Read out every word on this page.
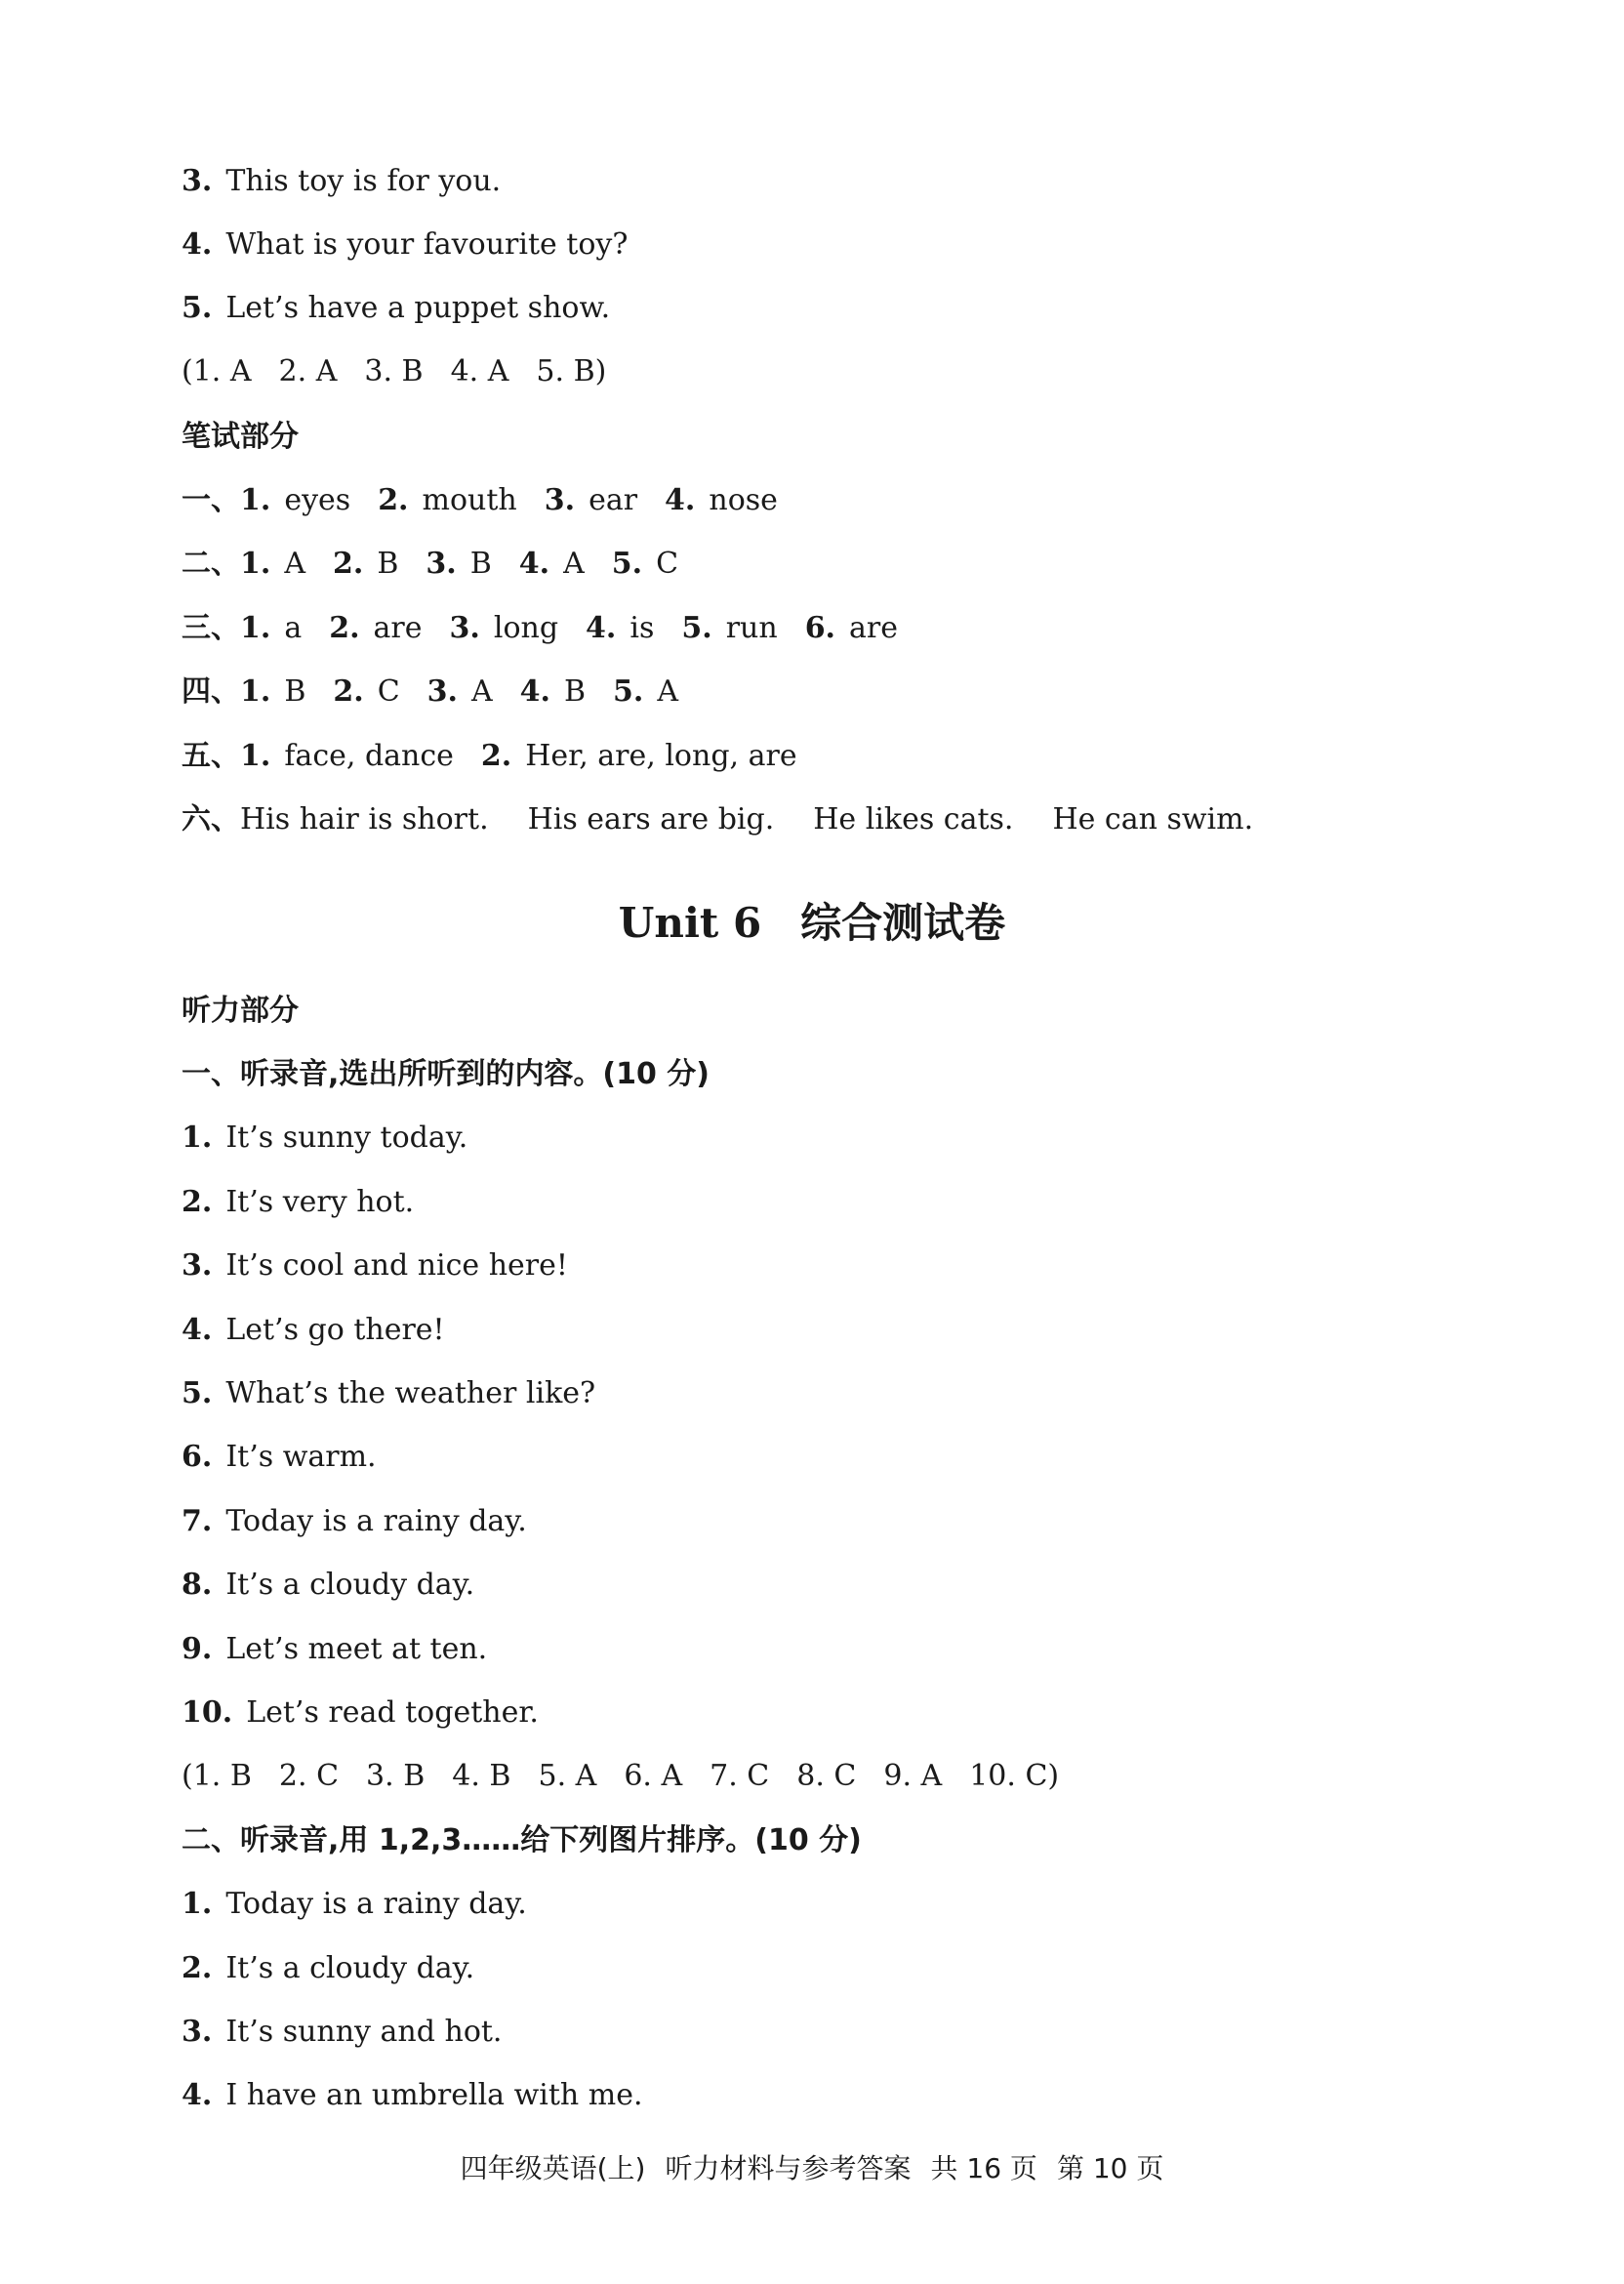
3. This toy is for you.
4. What is your favourite toy?
5. Let’s have a puppet show.
(1. A 2. A 3. B 4. A 5. B)
笔试部分
一、1. eyes 2. mouth 3. ear 4. nose
二、1. A 2. B 3. B 4. A 5. C
三、1. a 2. are 3. long 4. is 5. run 6. are
四、1. B 2. C 3. A 4. B 5. A
五、1. face, dance 2. Her, are, long, are
六、His hair is short. His ears are big. He likes cats. He can swim.
Unit 6 综合测试卷
听力部分
一、听录音,选出所听到的内容。(10 分)
1. It’s sunny today.
2. It’s very hot.
3. It’s cool and nice here!
4. Let’s go there!
5. What’s the weather like?
6. It’s warm.
7. Today is a rainy day.
8. It’s a cloudy day.
9. Let’s meet at ten.
10. Let’s read together.
(1. B 2. C 3. B 4. B 5. A 6. A 7. C 8. C 9. A 10. C)
二、听录音,用 1,2,3……给下列图片排序。(10 分)
1. Today is a rainy day.
2. It’s a cloudy day.
3. It’s sunny and hot.
4. I have an umbrella with me.
四年级英语(上) 听力材料与参考答案 共 16 页 第 10 页
